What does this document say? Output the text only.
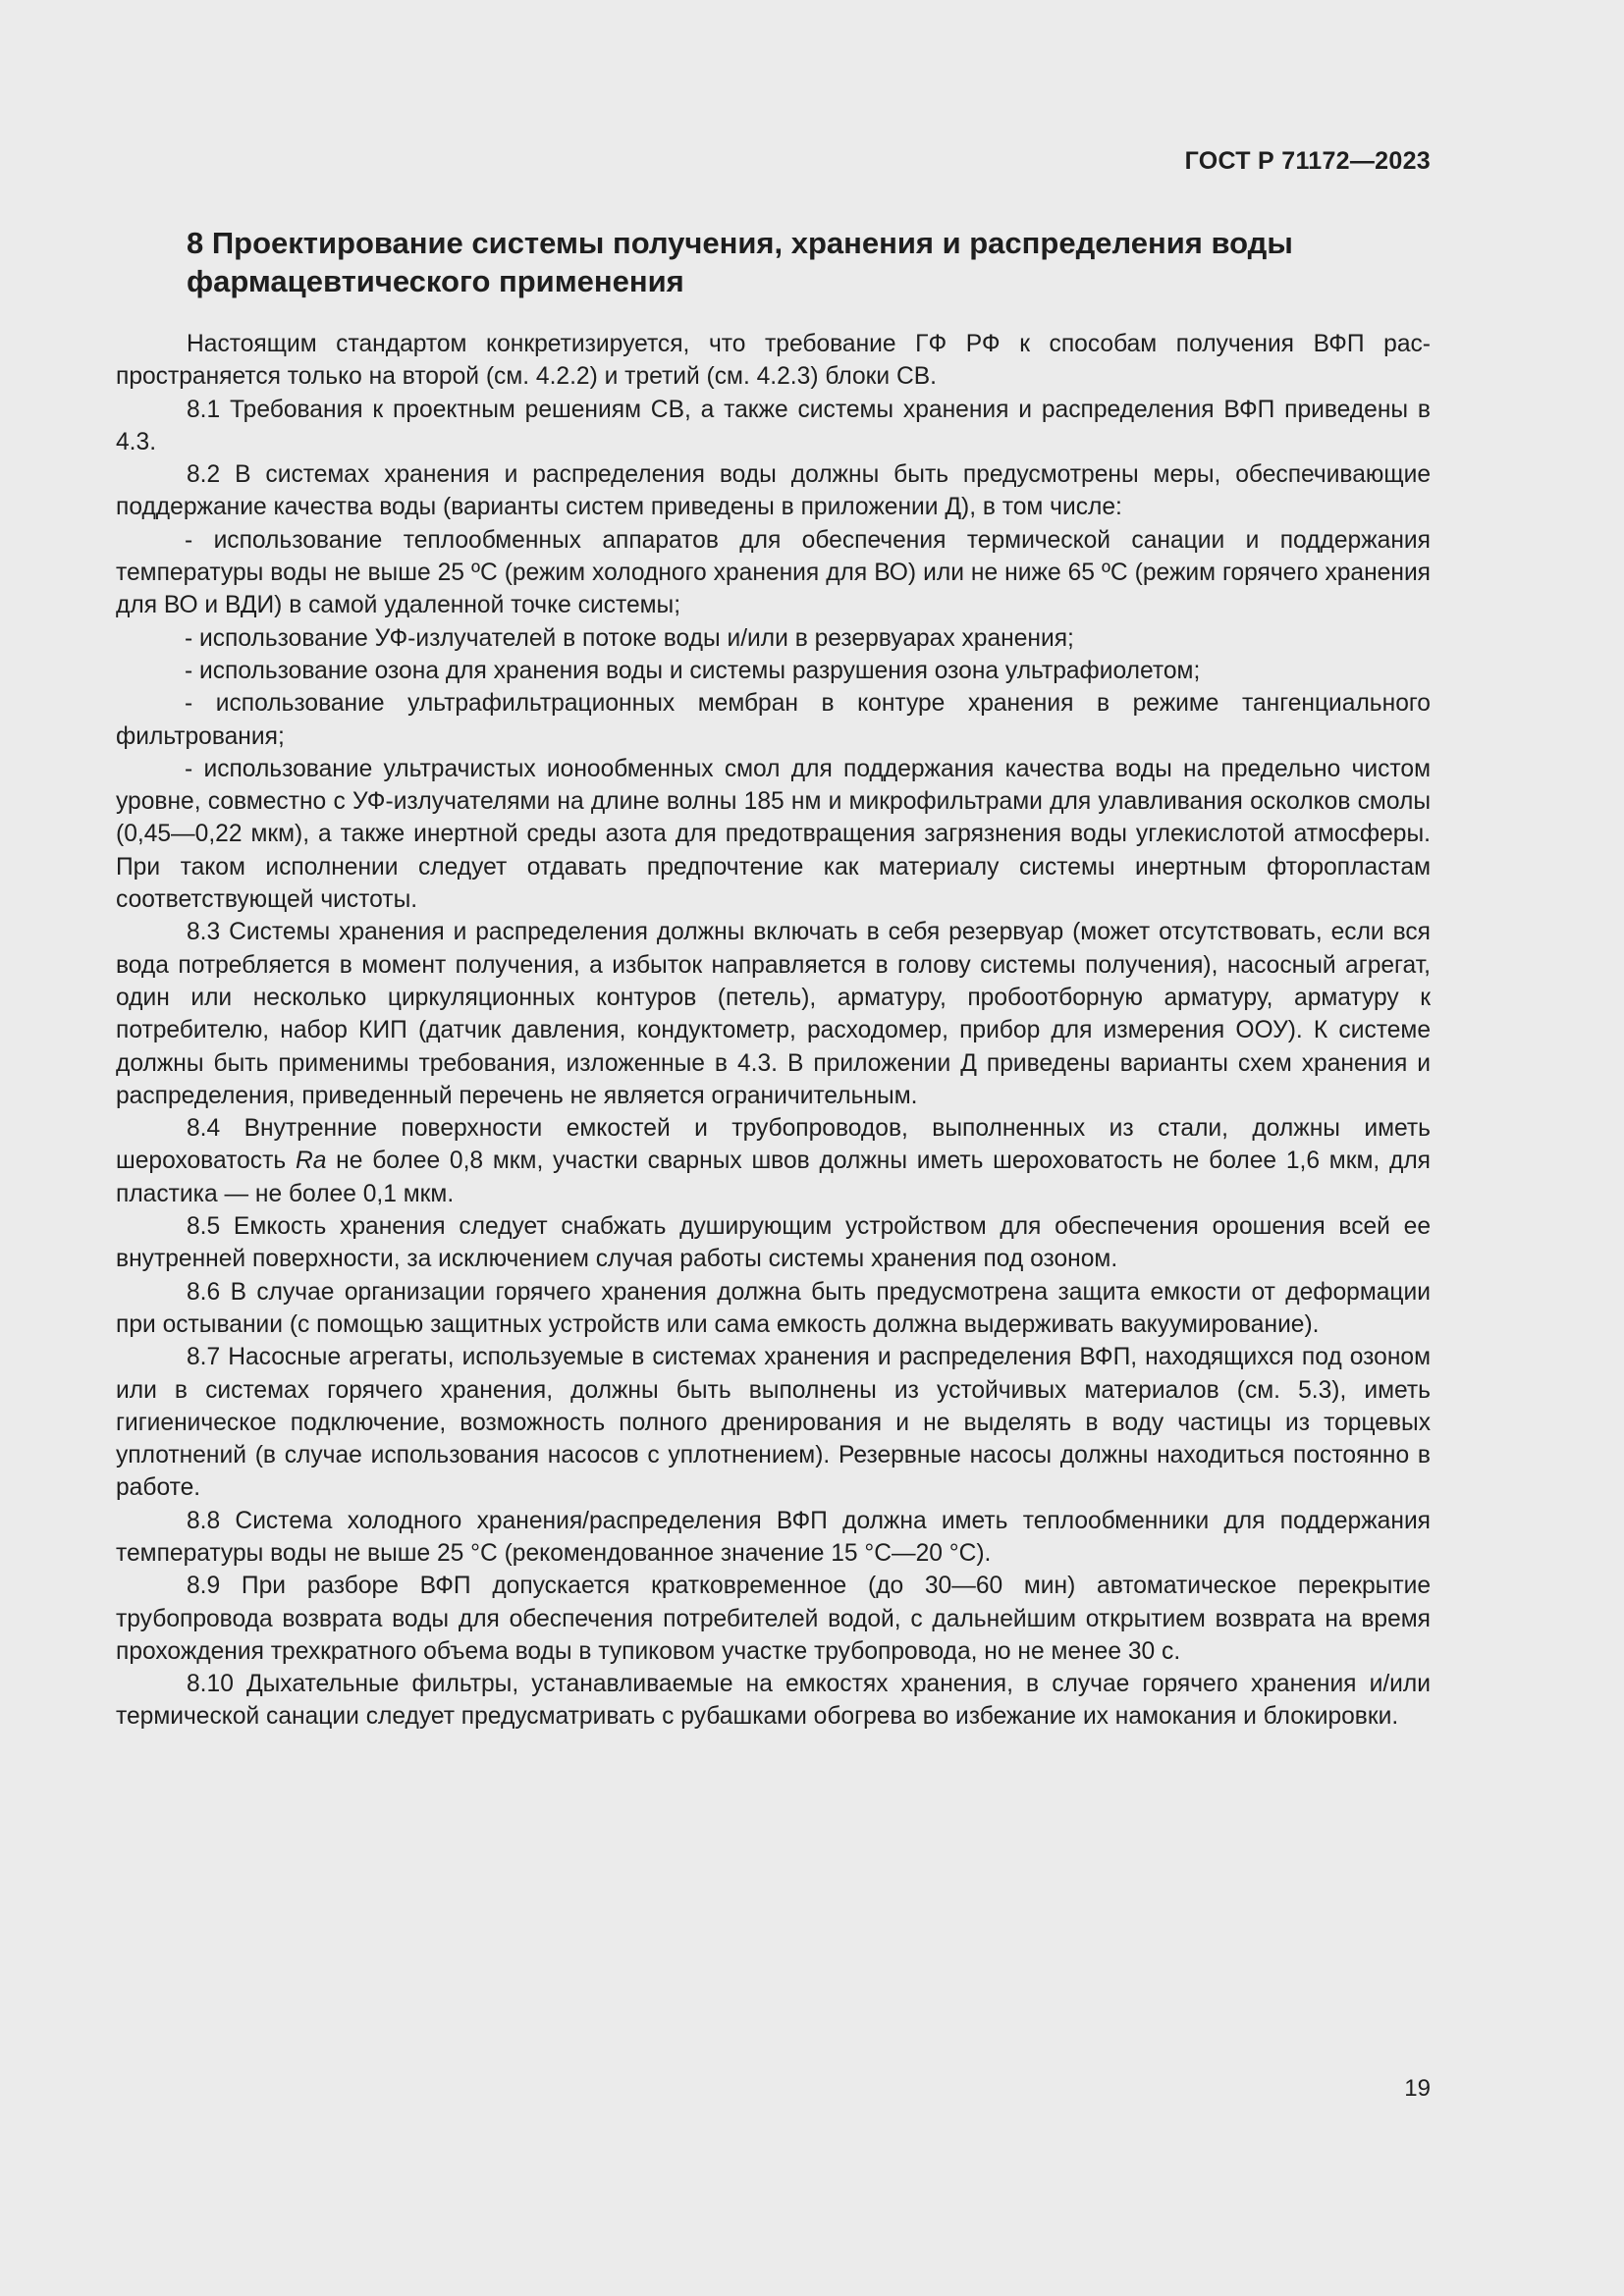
ГОСТ Р 71172—2023
8 Проектирование системы получения, хранения и распределения воды фармацевтического применения

Настоящим стандартом конкретизируется, что требование ГФ РФ к способам получения ВФП распространяется только на второй (см. 4.2.2) и третий (см. 4.2.3) блоки СВ.

8.1 Требования к проектным решениям СВ, а также системы хранения и распределения ВФП приведены в 4.3.

8.2 В системах хранения и распределения воды должны быть предусмотрены меры, обеспечивающие поддержание качества воды (варианты систем приведены в приложении Д), в том числе:

- использование теплообменных аппаратов для обеспечения термической санации и поддержания температуры воды не выше 25 ºС (режим холодного хранения для ВО) или не ниже 65 ºС (режим горячего хранения для ВО и ВДИ) в самой удаленной точке системы;

- использование УФ-излучателей в потоке воды и/или в резервуарах хранения;

- использование озона для хранения воды и системы разрушения озона ультрафиолетом;

- использование ультрафильтрационных мембран в контуре хранения в режиме тангенциального фильтрования;

- использование ультрачистых ионообменных смол для поддержания качества воды на предельно чистом уровне, совместно с УФ-излучателями на длине волны 185 нм и микрофильтрами для улавливания осколков смолы (0,45—0,22 мкм), а также инертной среды азота для предотвращения загрязнения воды углекислотой атмосферы. При таком исполнении следует отдавать предпочтение как материалу системы инертным фторопластам соответствующей чистоты.

8.3 Системы хранения и распределения должны включать в себя резервуар (может отсутствовать, если вся вода потребляется в момент получения, а избыток направляется в голову системы получения), насосный агрегат, один или несколько циркуляционных контуров (петель), арматуру, пробоотборную арматуру, арматуру к потребителю, набор КИП (датчик давления, кондуктометр, расходомер, прибор для измерения ООУ). К системе должны быть применимы требования, изложенные в 4.3. В приложении Д приведены варианты схем хранения и распределения, приведенный перечень не является ограничительным.

8.4 Внутренние поверхности емкостей и трубопроводов, выполненных из стали, должны иметь шероховатость Ra не более 0,8 мкм, участки сварных швов должны иметь шероховатость не более 1,6 мкм, для пластика — не более 0,1 мкм.

8.5 Емкость хранения следует снабжать душирующим устройством для обеспечения орошения всей ее внутренней поверхности, за исключением случая работы системы хранения под озоном.

8.6 В случае организации горячего хранения должна быть предусмотрена защита емкости от деформации при остывании (с помощью защитных устройств или сама емкость должна выдерживать вакуумирование).

8.7 Насосные агрегаты, используемые в системах хранения и распределения ВФП, находящихся под озоном или в системах горячего хранения, должны быть выполнены из устойчивых материалов (см. 5.3), иметь гигиеническое подключение, возможность полного дренирования и не выделять в воду частицы из торцевых уплотнений (в случае использования насосов с уплотнением). Резервные насосы должны находиться постоянно в работе.

8.8 Система холодного хранения/распределения ВФП должна иметь теплообменники для поддержания температуры воды не выше 25 °С (рекомендованное значение 15 °С—20 °С).

8.9 При разборе ВФП допускается кратковременное (до 30—60 мин) автоматическое перекрытие трубопровода возврата воды для обеспечения потребителей водой, с дальнейшим открытием возврата на время прохождения трехкратного объема воды в тупиковом участке трубопровода, но не менее 30 с.

8.10 Дыхательные фильтры, устанавливаемые на емкостях хранения, в случае горячего хранения и/или термической санации следует предусматривать с рубашками обогрева во избежание их намокания и блокировки.

19
